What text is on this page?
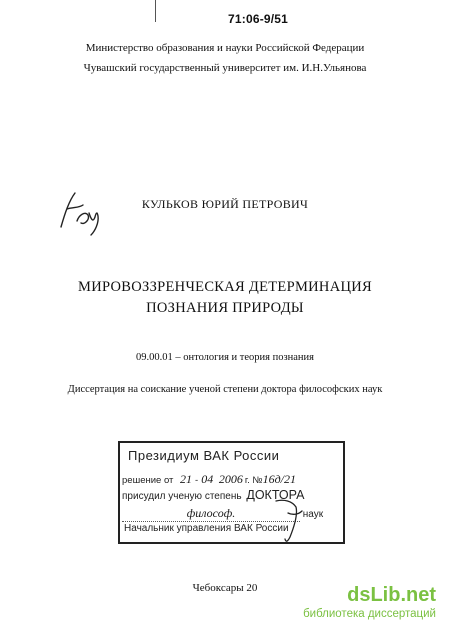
71:06-9/51
Министерство образования и науки Российской Федерации
Чувашский государственный университет им. И.Н.Ульянова
КУЛЬКОВ ЮРИЙ ПЕТРОВИЧ
МИРОВОЗЗРЕНЧЕСКАЯ ДЕТЕРМИНАЦИЯ
ПОЗНАНИЯ ПРИРОДЫ
09.00.01 – онтология и теория познания
Диссертация на соискание ученой степени доктора философских наук
Президиум ВАК России
решение от 21 - 04 2006 г. №16д/21
присудил ученую степень ДОКТОРА
философ.	наук
Начальник управления ВАК России
Чебоксары 20	dsLib.net
библиотека диссертаций
